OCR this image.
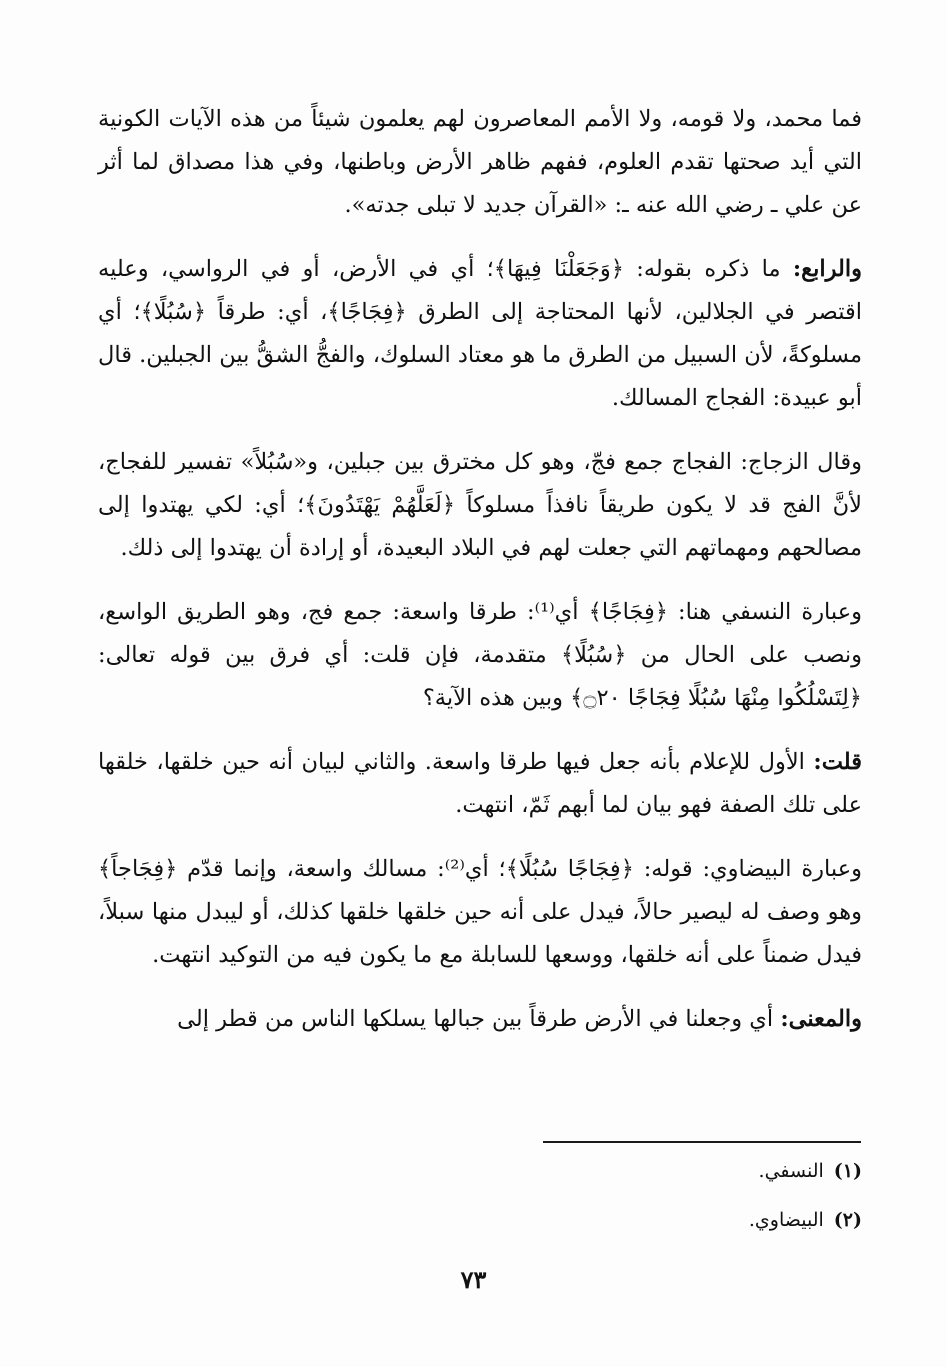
فما محمد، ولا قومه، ولا الأمم المعاصرون لهم يعلمون شيئاً من هذه الآيات الكونية التي أيد صحتها تقدم العلوم، ففهم ظاهر الأرض وباطنها، وفي هذا مصداق لما أثر عن علي ـ رضي الله عنه ـ: «القرآن جديد لا تبلى جدته».

والرابع: ما ذكره بقوله: ﴿وَجَعَلْنَا فِيهَا﴾؛ أي في الأرض، أو في الرواسي، وعليه اقتصر في الجلالين، لأنها المحتاجة إلى الطرق ﴿فِجَاجًا﴾، أي: طرقاً ﴿سُبُلًا﴾؛ أي مسلوكةً، لأن السبيل من الطرق ما هو معتاد السلوك، والفجُّ الشقُّ بين الجبلين. قال أبو عبيدة: الفجاج المسالك.

وقال الزجاج: الفجاج جمع فجّ، وهو كل مخترق بين جبلين، و«سُبُلاً» تفسير للفجاج، لأنَّ الفج قد لا يكون طريقاً نافذاً مسلوكاً ﴿لَعَلَّهُمْ يَهْتَدُونَ﴾؛ أي: لكي يهتدوا إلى مصالحهم ومهماتهم التي جعلت لهم في البلاد البعيدة، أو إرادة أن يهتدوا إلى ذلك.

وعبارة النسفي هنا: ﴿فِجَاجًا﴾ أي⁽¹⁾: طرقا واسعة: جمع فج، وهو الطريق الواسع، ونصب على الحال من ﴿سُبُلًا﴾ متقدمة، فإن قلت: أي فرق بين قوله تعالى: ﴿لِتَسْلُكُوا مِنْهَا سُبُلًا فِجَاجًا ۝٢٠﴾ وبين هذه الآية؟

قلت: الأول للإعلام بأنه جعل فيها طرقا واسعة. والثاني لبيان أنه حين خلقها، خلقها على تلك الصفة فهو بيان لما أبهم ثَمّ، انتهت.

وعبارة البيضاوي: قوله: ﴿فِجَاجًا سُبُلًا﴾؛ أي⁽²⁾: مسالك واسعة، وإنما قدّم ﴿فِجَاجاً﴾ وهو وصف له ليصير حالاً، فيدل على أنه حين خلقها خلقها كذلك، أو ليبدل منها سبلاً، فيدل ضمناً على أنه خلقها، ووسعها للسابلة مع ما يكون فيه من التوكيد انتهت.

والمعنى: أي وجعلنا في الأرض طرقاً بين جبالها يسلكها الناس من قطر إلى

(١)النسفي.

(٢)البيضاوي.

٧٣
